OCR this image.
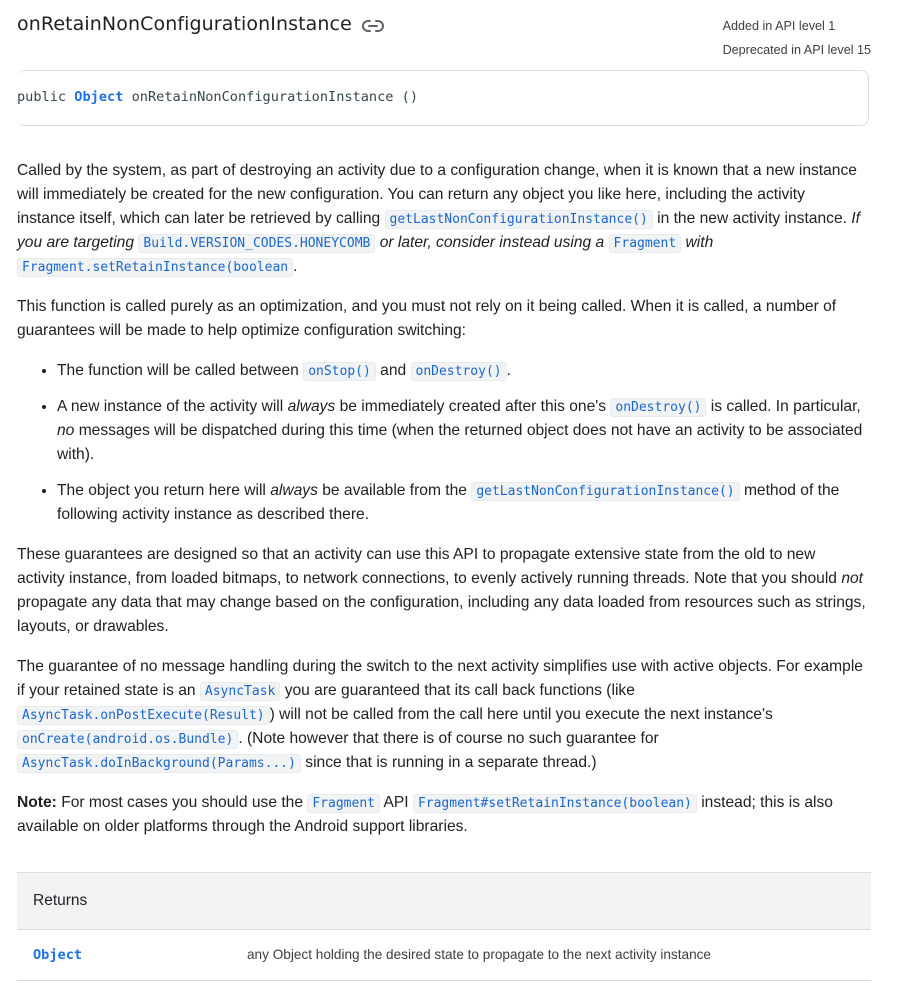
onRetainNonConfigurationInstance	Added in API level 1
Deprecated in API level 15
public Object onRetainNonConfigurationInstance ()

Called by the system, as part of destroying an activity due to a configuration change, when it is known that a new instance will immediately be created for the new configuration. You can return any object you like here, including the activity instance itself, which can later be retrieved by calling getLastNonConfigurationInstance() in the new activity instance. If you are targeting Build.VERSION_CODES.HONEYCOMB or later, consider instead using a Fragment with Fragment.setRetainInstance(boolean .

This function is called purely as an optimization, and you must not rely on it being called. When it is called, a number of guarantees will be made to help optimize configuration switching:

• The function will be called between onStop() and onDestroy() .
• A new instance of the activity will always be immediately created after this one's onDestroy() is called. In particular, no messages will be dispatched during this time (when the returned object does not have an activity to be associated with).
• The object you return here will always be available from the getLastNonConfigurationInstance() method of the following activity instance as described there.

These guarantees are designed so that an activity can use this API to propagate extensive state from the old to new activity instance, from loaded bitmaps, to network connections, to evenly actively running threads. Note that you should not propagate any data that may change based on the configuration, including any data loaded from resources such as strings, layouts, or drawables.

The guarantee of no message handling during the switch to the next activity simplifies use with active objects. For example if your retained state is an AsyncTask you are guaranteed that its call back functions (like AsyncTask.onPostExecute(Result) ) will not be called from the call here until you execute the next instance's onCreate(android.os.Bundle) . (Note however that there is of course no such guarantee for AsyncTask.doInBackground(Params...) since that is running in a separate thread.)

Note: For most cases you should use the Fragment API Fragment#setRetainInstance(boolean) instead; this is also available on older platforms through the Android support libraries.

Returns
Object	any Object holding the desired state to propagate to the next activity instance
